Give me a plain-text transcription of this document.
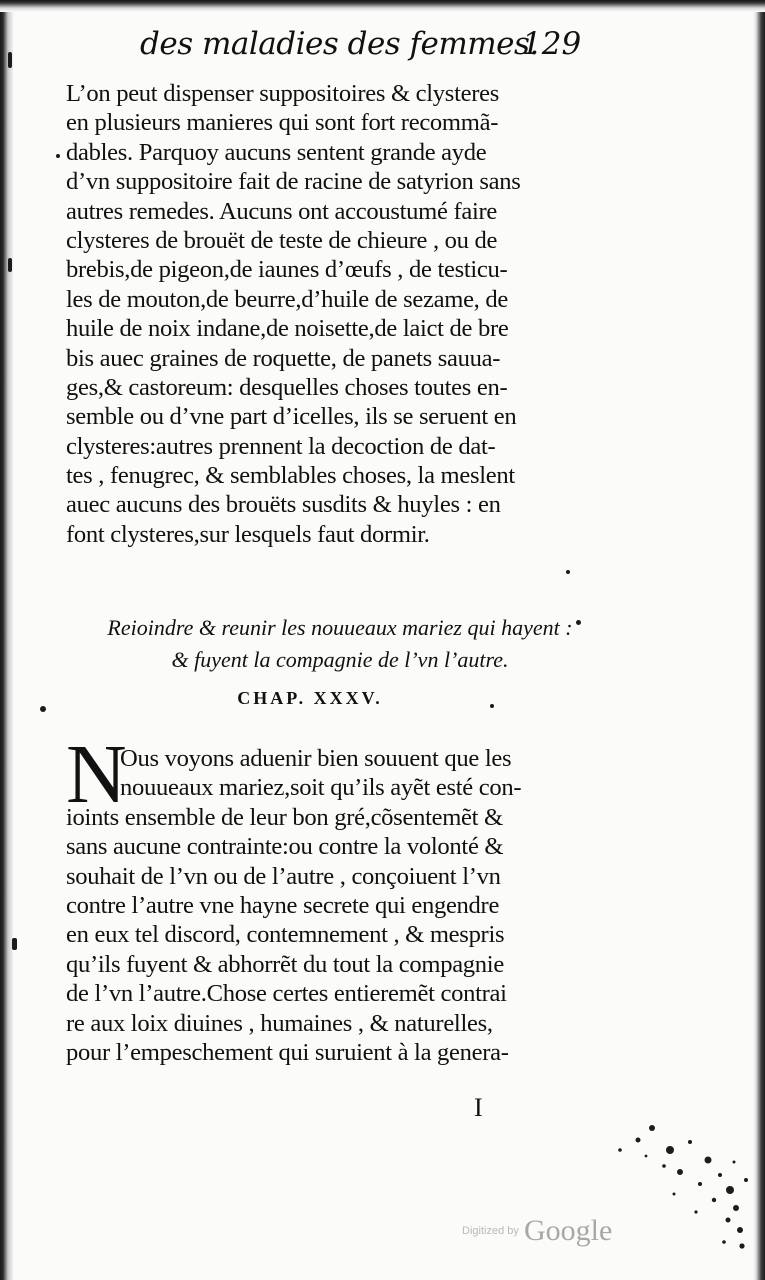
des maladies des femmes.
129
L’on peut dispenser suppositoires & clysteres
en plusieurs manieres qui sont fort recommã-
dables. Parquoy aucuns sentent grande ayde
d’vn suppositoire fait de racine de satyrion sans
autres remedes. Aucuns ont accoustumé faire
clysteres de brouët de teste de chieure , ou de
brebis,de pigeon,de iaunes d’œufs , de testicu-
les de mouton,de beurre,d’huile de sezame, de
huile de noix indane,de noisette,de laict de bre
bis auec graines de roquette, de panets sauua-
ges,& castoreum: desquelles choses toutes en-
semble ou d’vne part d’icelles, ils se seruent en
clysteres:autres prennent la decoction de dat-
tes , fenugrec, & semblables choses, la meslent
auec aucuns des brouëts susdits & huyles : en
font clysteres,sur lesquels faut dormir.
Reioindre & reunir les nouueaux mariez qui hayent :
& fuyent la compagnie de l’vn l’autre.
CHAP. XXXV.
N
Ous voyons aduenir bien souuent que les
nouueaux mariez,soit qu’ils ayẽt esté con-
ioints ensemble de leur bon gré,cõsentemẽt &
sans aucune contrainte:ou contre la volonté &
souhait de l’vn ou de l’autre , conçoiuent l’vn
contre l’autre vne hayne secrete qui engendre
en eux tel discord, contemnement , & mespris
qu’ils fuyent & abhorrẽt du tout la compagnie
de l’vn l’autre.Chose certes entieremẽt contrai
re aux loix diuines , humaines , & naturelles,
pour l’empeschement qui suruient à la genera-
I
Digitized by Google
